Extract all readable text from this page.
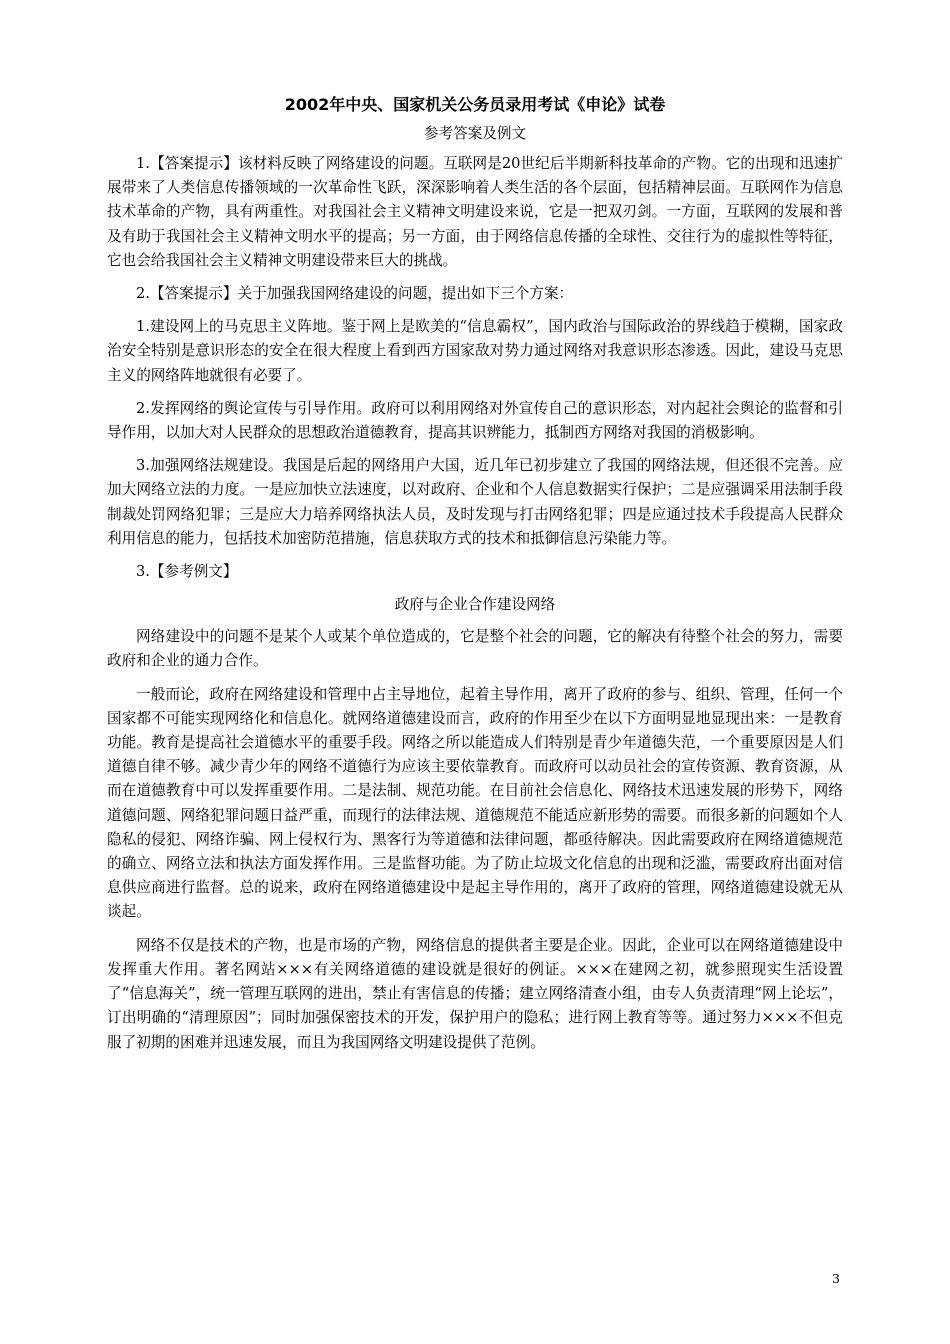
2002年中央、国家机关公务员录用考试《申论》试卷
参考答案及例文

1.【答案提示】该材料反映了网络建设的问题。互联网是20世纪后半期新科技革命的产物。它的出现和迅速扩展带来了人类信息传播领域的一次革命性飞跃，深深影响着人类生活的各个层面，包括精神层面。互联网作为信息技术革命的产物，具有两重性。对我国社会主义精神文明建设来说，它是一把双刃剑。一方面，互联网的发展和普及有助于我国社会主义精神文明水平的提高；另一方面，由于网络信息传播的全球性、交往行为的虚拟性等特征，它也会给我国社会主义精神文明建设带来巨大的挑战。

2.【答案提示】关于加强我国网络建设的问题，提出如下三个方案：

1.建设网上的马克思主义阵地。鉴于网上是欧美的“信息霸权”，国内政治与国际政治的界线趋于模糊，国家政治安全特别是意识形态的安全在很大程度上看到西方国家敌对势力通过网络对我意识形态渗透。因此，建设马克思主义的网络阵地就很有必要了。

2.发挥网络的舆论宣传与引导作用。政府可以利用网络对外宣传自己的意识形态，对内起社会舆论的监督和引导作用，以加大对人民群众的思想政治道德教育，提高其识辨能力，抵制西方网络对我国的消极影响。

3.加强网络法规建设。我国是后起的网络用户大国，近几年已初步建立了我国的网络法规，但还很不完善。应加大网络立法的力度。一是应加快立法速度，以对政府、企业和个人信息数据实行保护；二是应强调采用法制手段制裁处罚网络犯罪；三是应大力培养网络执法人员，及时发现与打击网络犯罪；四是应通过技术手段提高人民群众利用信息的能力，包括技术加密防范措施，信息获取方式的技术和抵御信息污染能力等。

3.【参考例文】

政府与企业合作建设网络

网络建设中的问题不是某个人或某个单位造成的，它是整个社会的问题，它的解决有待整个社会的努力，需要政府和企业的通力合作。

一般而论，政府在网络建设和管理中占主导地位，起着主导作用，离开了政府的参与、组织、管理，任何一个国家都不可能实现网络化和信息化。就网络道德建设而言，政府的作用至少在以下方面明显地显现出来：一是教育功能。教育是提高社会道德水平的重要手段。网络之所以能造成人们特别是青少年道德失范，一个重要原因是人们道德自律不够。减少青少年的网络不道德行为应该主要依靠教育。而政府可以动员社会的宣传资源、教育资源，从而在道德教育中可以发挥重要作用。二是法制、规范功能。在目前社会信息化、网络技术迅速发展的形势下，网络道德问题、网络犯罪问题日益严重，而现行的法律法规、道德规范不能适应新形势的需要。而很多新的问题如个人隐私的侵犯、网络诈骗、网上侵权行为、黑客行为等道德和法律问题，都亟待解决。因此需要政府在网络道德规范的确立、网络立法和执法方面发挥作用。三是监督功能。为了防止垃圾文化信息的出现和泛滥，需要政府出面对信息供应商进行监督。总的说来，政府在网络道德建设中是起主导作用的，离开了政府的管理，网络道德建设就无从谈起。

网络不仅是技术的产物，也是市场的产物，网络信息的提供者主要是企业。因此，企业可以在网络道德建设中发挥重大作用。著名网站×××有关网络道德的建设就是很好的例证。×××在建网之初，就参照现实生活设置了“信息海关”，统一管理互联网的进出，禁止有害信息的传播；建立网络清查小组，由专人负责清理“网上论坛”，订出明确的“清理原因”；同时加强保密技术的开发，保护用户的隐私；进行网上教育等等。通过努力×××不但克服了初期的困难并迅速发展，而且为我国网络文明建设提供了范例。

3
